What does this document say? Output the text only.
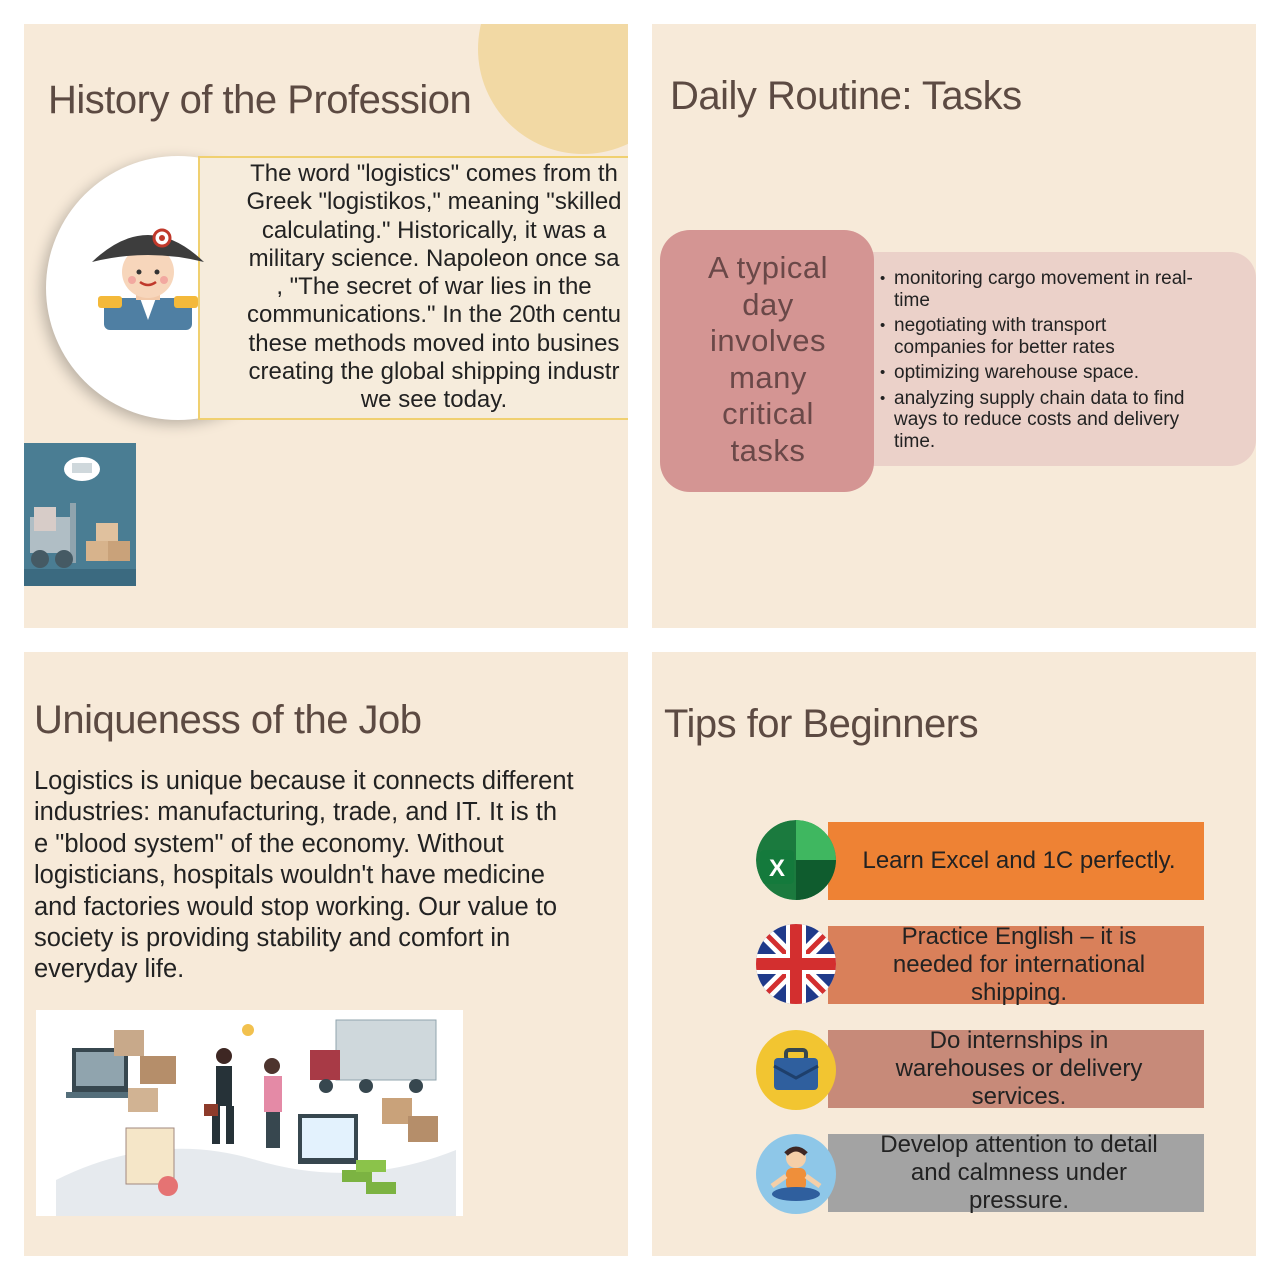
History of the Profession
The word "logistics" comes from th
Greek "logistikos," meaning "skilled
calculating." Historically, it was a
military science. Napoleon once sa
, "The secret of war lies in the
communications." In the 20th centu
these methods moved into busines
creating the global shipping industr
we see today.
Daily Routine: Tasks
A typical
day
involves
many
critical
tasks
• monitoring cargo movement in real-
time
• negotiating with transport
companies for better rates
• optimizing warehouse space.
• analyzing supply chain data to find
ways to reduce costs and delivery
time.
Uniqueness of the Job
Logistics is unique because it connects different
industries: manufacturing, trade, and IT. It is th
e "blood system" of the economy. Without
logisticians, hospitals wouldn't have medicine
and factories would stop working. Our value to
society is providing stability and comfort in
everyday life.
Tips for Beginners
Learn Excel and 1C perfectly.
X
Practice English – it is
needed for international
shipping.
Do internships in
warehouses or delivery
services.
Develop attention to detail
and calmness under
pressure.
